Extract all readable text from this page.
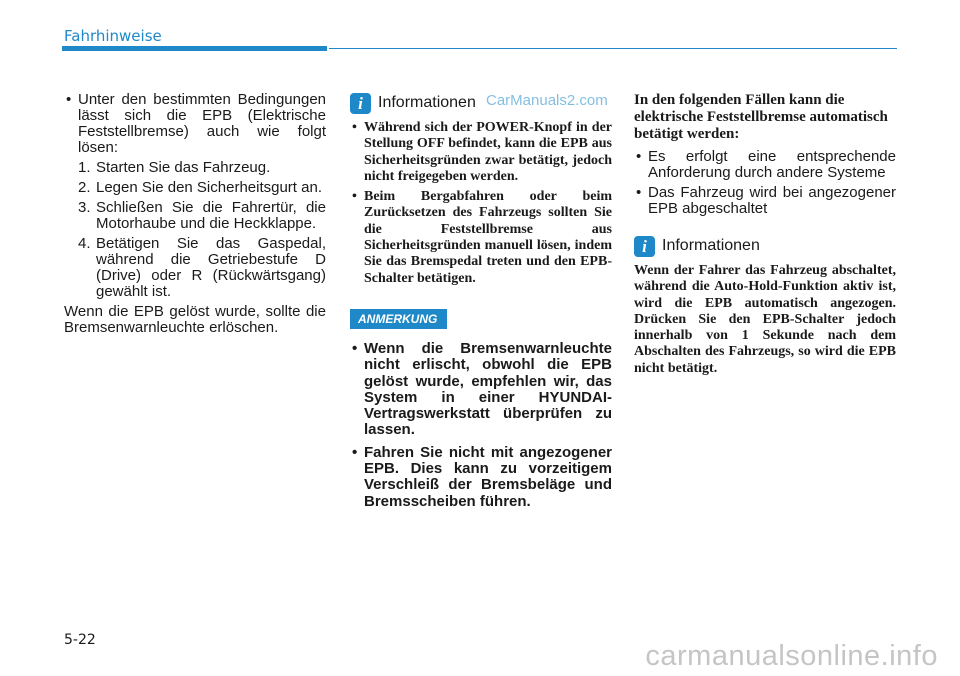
Fahrhinweise

• Unter den bestimmten Bedingungen lässt sich die EPB (Elektrische Feststellbremse) auch wie folgt lösen:

1. Starten Sie das Fahrzeug.

2. Legen Sie den Sicherheitsgurt an.

3. Schließen Sie die Fahrertür, die Motorhaube und die Heckklappe.

4. Betätigen Sie das Gaspedal, während die Getriebestufe D (Drive) oder R (Rückwärtsgang) gewählt ist.

Wenn die EPB gelöst wurde, sollte die Bremsenwarnleuchte erlöschen.

i Informationen

• Während sich der POWER-Knopf in der Stellung OFF befindet, kann die EPB aus Sicherheitsgründen zwar betätigt, jedoch nicht freigegeben werden.

• Beim Bergabfahren oder beim Zurücksetzen des Fahrzeugs sollten Sie die Feststellbremse aus Sicherheitsgründen manuell lösen, indem Sie das Bremspedal treten und den EPB-Schalter betätigen.

ANMERKUNG

• Wenn die Bremsenwarnleuchte nicht erlischt, obwohl die EPB gelöst wurde, empfehlen wir, das System in einer HYUNDAI-Vertragswerkstatt überprüfen zu lassen.

• Fahren Sie nicht mit angezogener EPB. Dies kann zu vorzeitigem Verschleiß der Bremsbeläge und Bremsscheiben führen.

In den folgenden Fällen kann die elektrische Feststellbremse automatisch betätigt werden:

• Es erfolgt eine entsprechende Anforderung durch andere Systeme

• Das Fahrzeug wird bei angezogener EPB abgeschaltet

i Informationen

Wenn der Fahrer das Fahrzeug abschaltet, während die Auto-Hold-Funktion aktiv ist, wird die EPB automatisch angezogen. Drücken Sie den EPB-Schalter jedoch innerhalb von 1 Sekunde nach dem Abschalten des Fahrzeugs, so wird die EPB nicht betätigt.

CarManuals2.com
5-22	carmanualsonline.info
